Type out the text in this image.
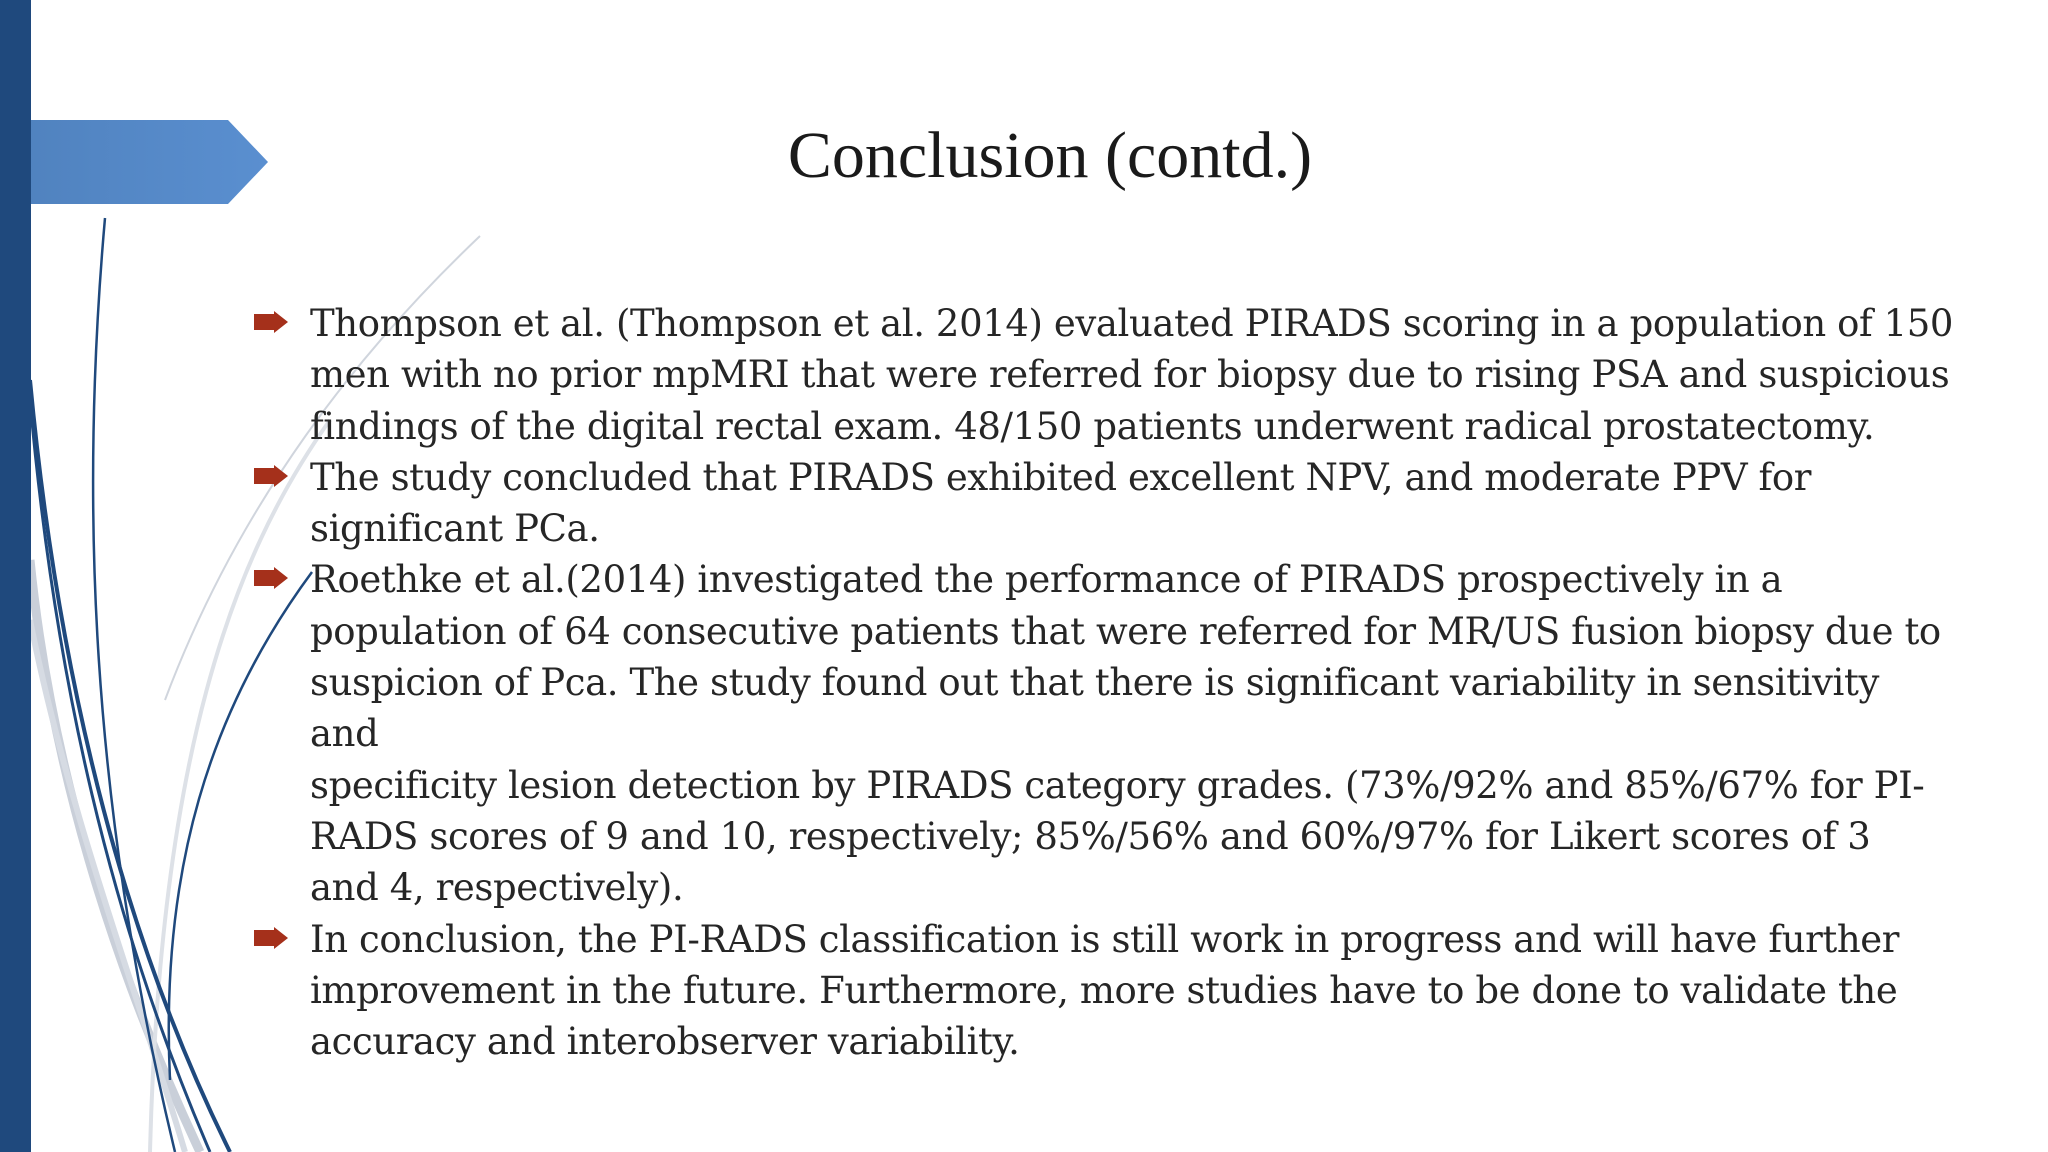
Conclusion (contd.)
Thompson et al. (Thompson et al. 2014) evaluated PIRADS scoring in a population of 150
men with no prior mpMRI that were referred for biopsy due to rising PSA and suspicious
findings of the digital rectal exam. 48/150 patients underwent radical prostatectomy.
The study concluded that PIRADS exhibited excellent NPV, and moderate PPV for
significant PCa.
Roethke et al.(2014) investigated the performance of PIRADS prospectively in a
population of 64 consecutive patients that were referred for MR/US fusion biopsy due to
suspicion of Pca. The study found out that there is significant variability in sensitivity and
specificity lesion detection by PIRADS category grades. (73%/92% and 85%/67% for PI-
RADS scores of 9 and 10, respectively; 85%/56% and 60%/97% for Likert scores of 3
and 4, respectively).
In conclusion, the PI-RADS classification is still work in progress and will have further
improvement in the future. Furthermore, more studies have to be done to validate the
accuracy and interobserver variability.
